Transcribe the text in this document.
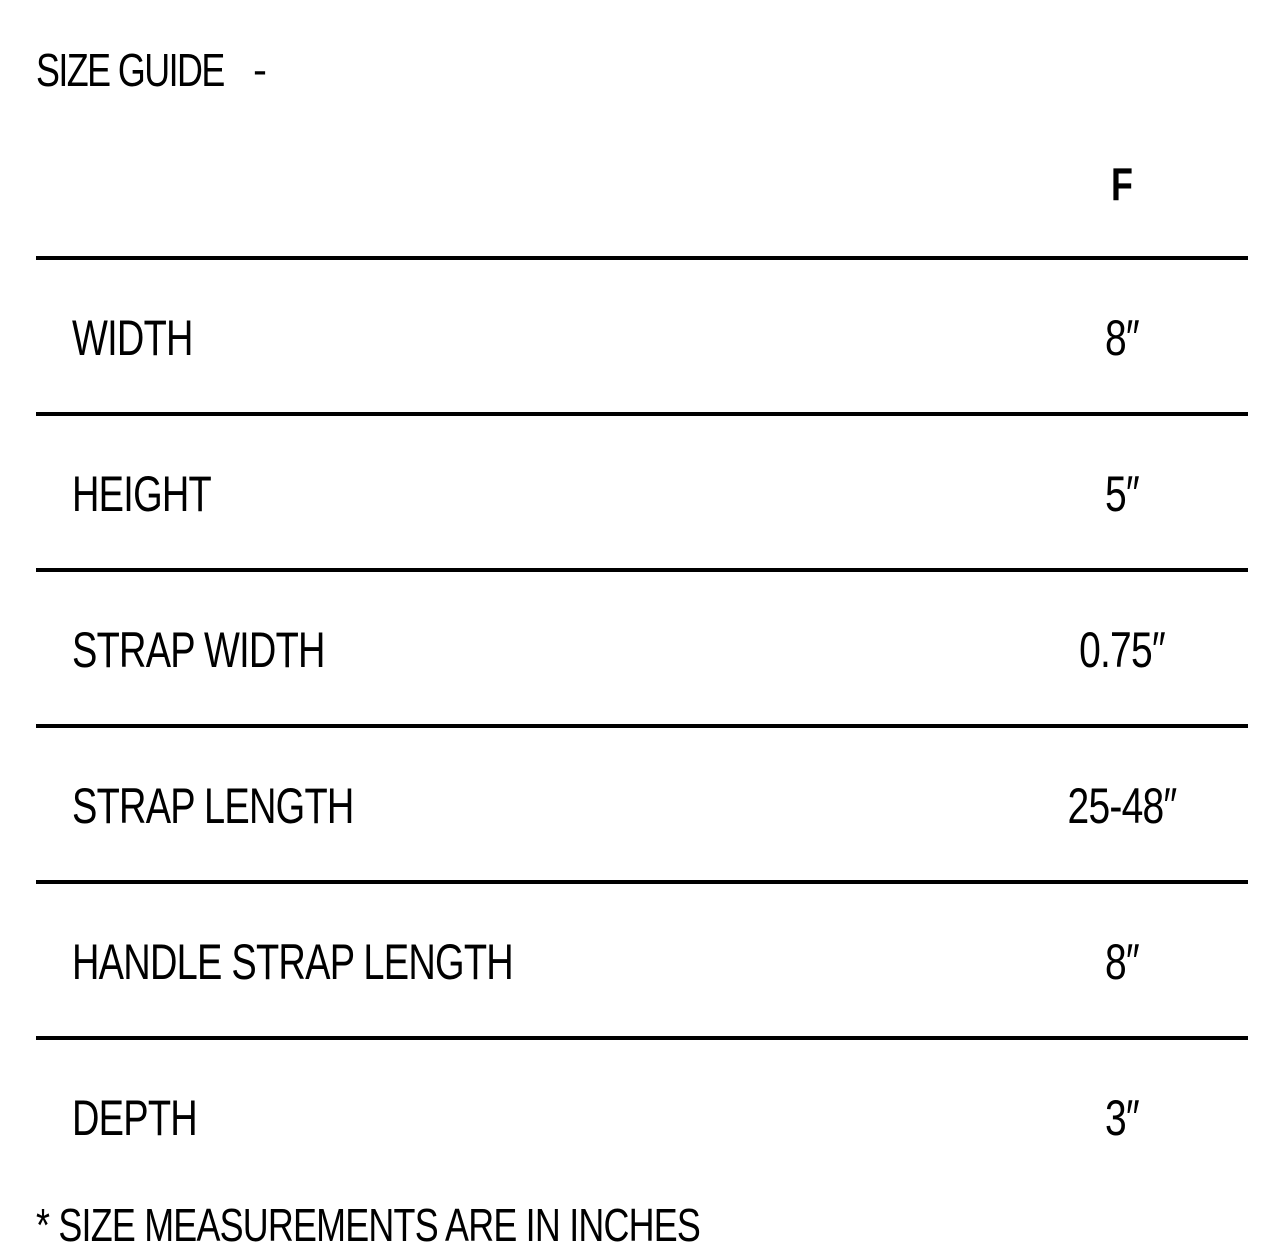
SIZE GUIDE -
F
WIDTH	8″
HEIGHT	5″
STRAP WIDTH	0.75″
STRAP LENGTH	25-48″
HANDLE STRAP LENGTH	8″
DEPTH	3″
* SIZE MEASUREMENTS ARE IN INCHES
